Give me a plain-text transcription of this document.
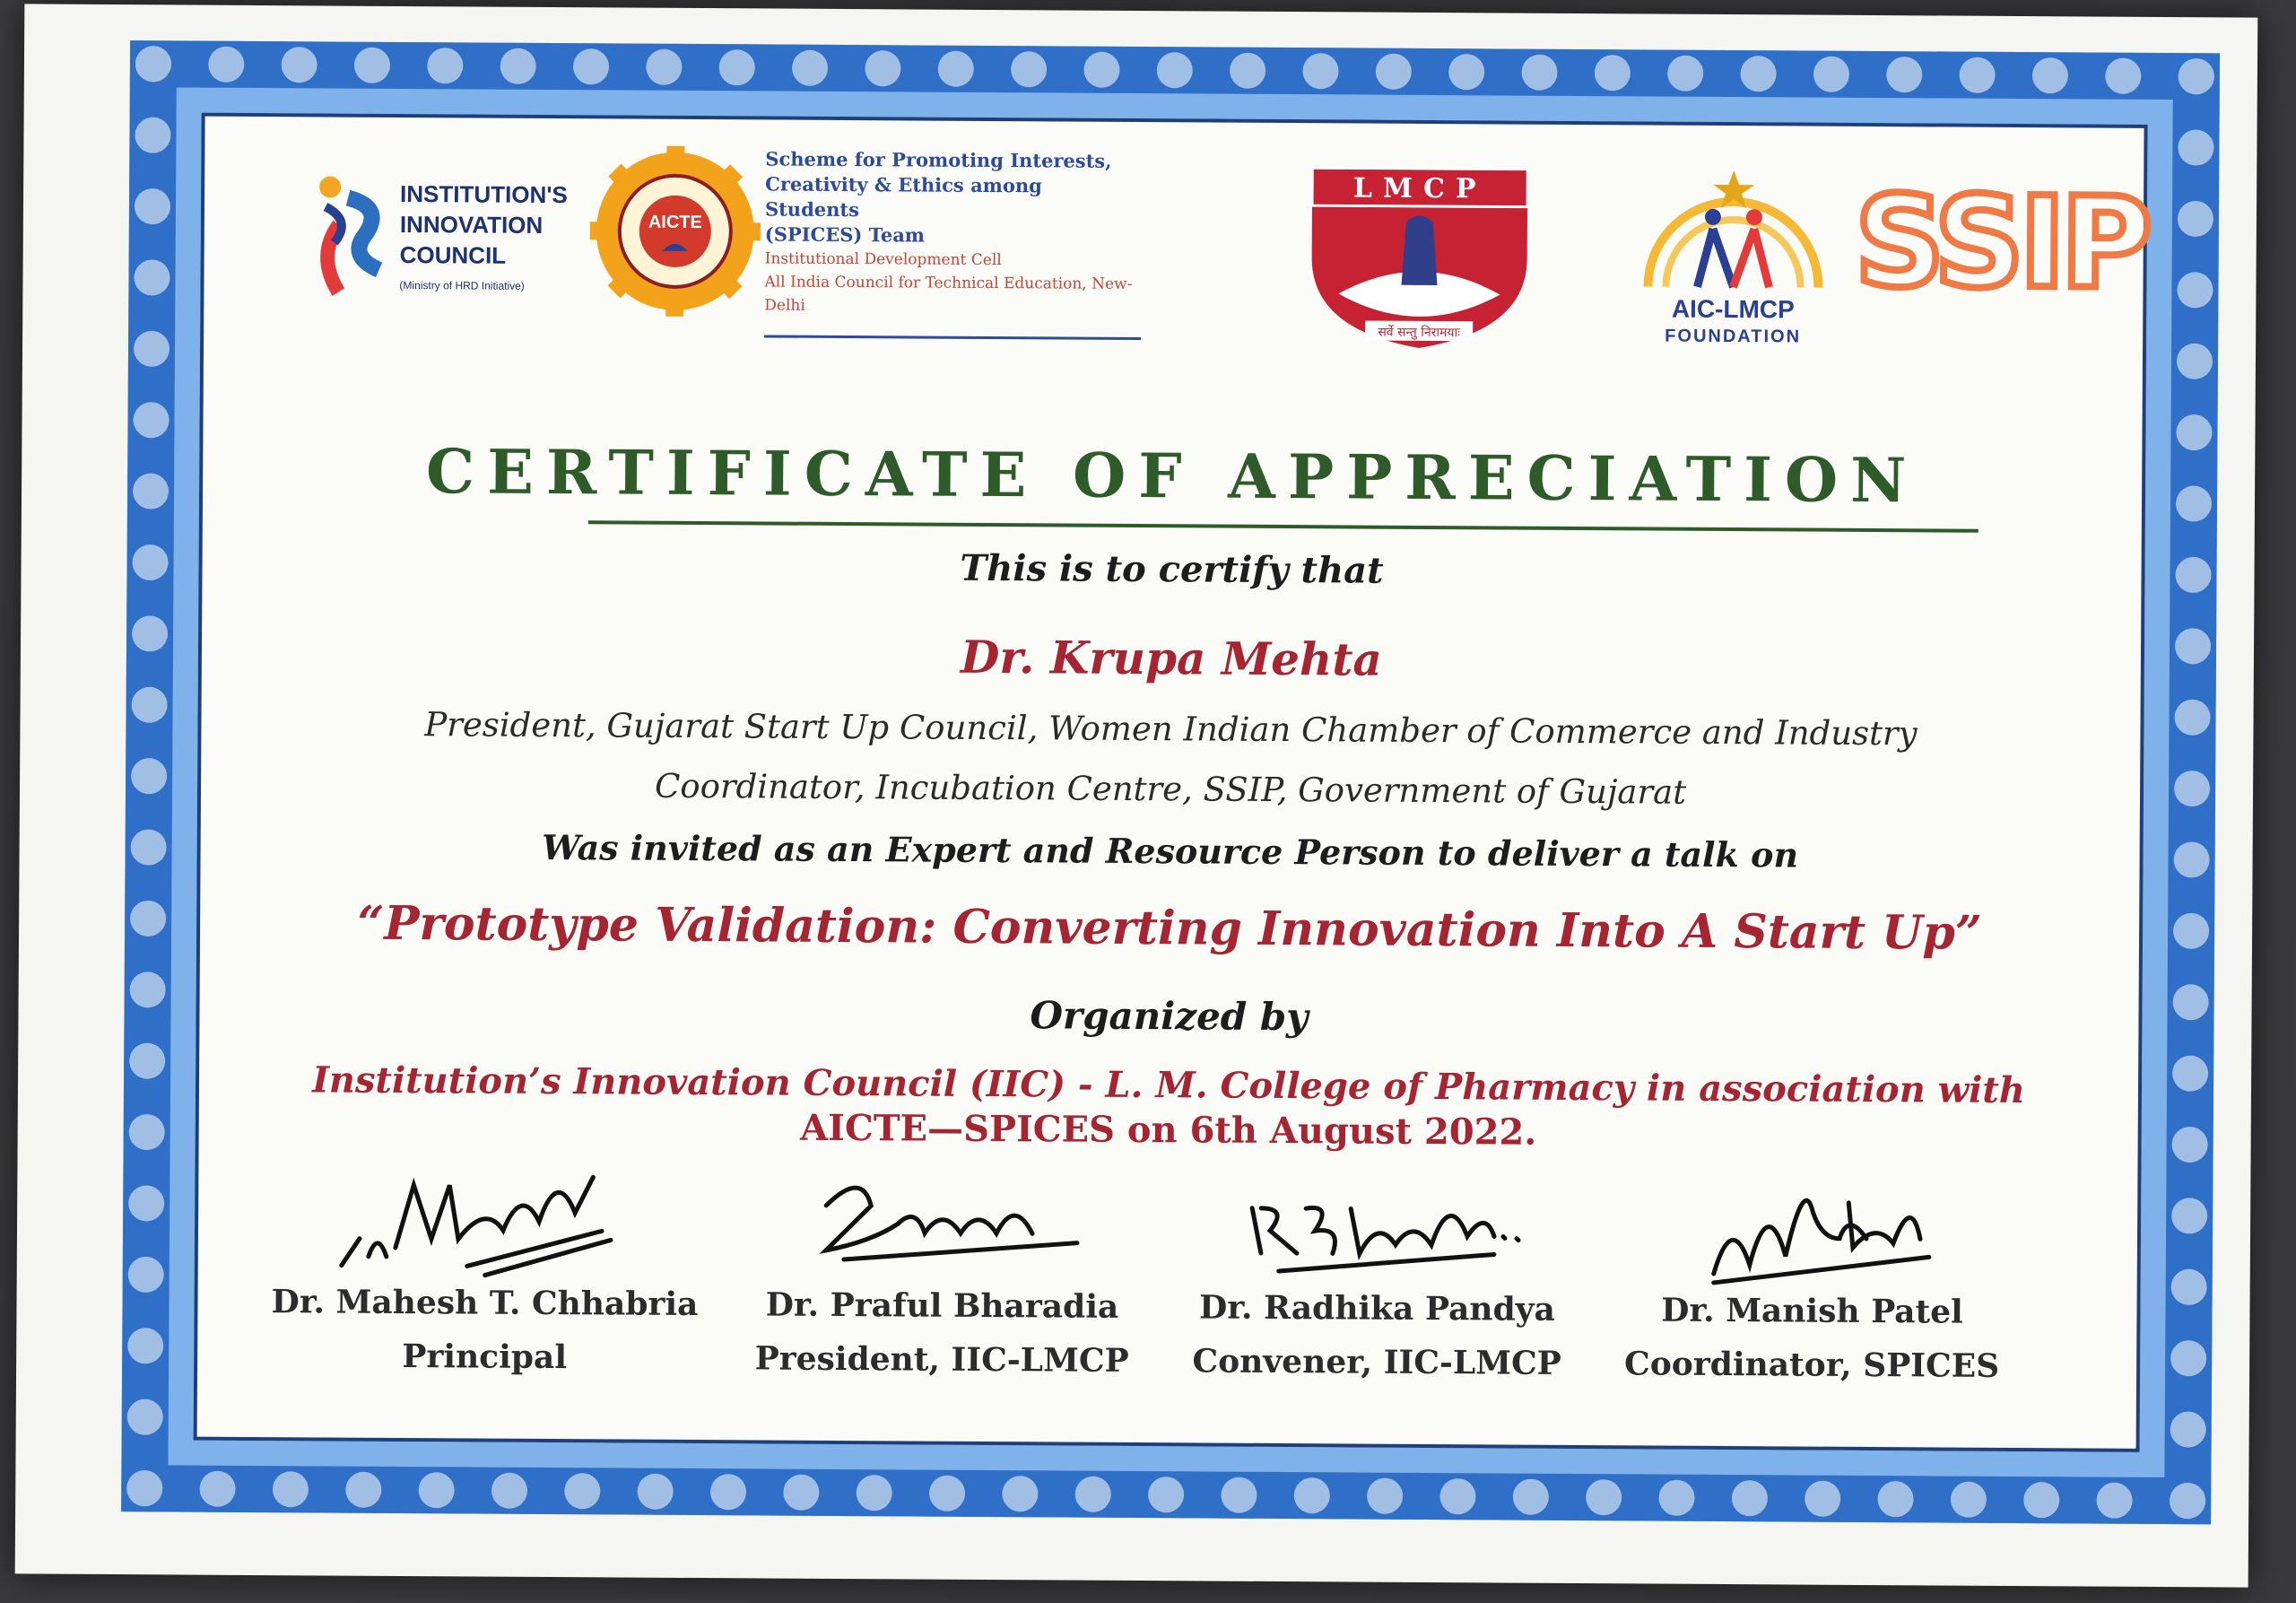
INSTITUTION'S
INNOVATION
COUNCIL
(Ministry of HRD Initiative)
AICTE
Scheme for Promoting Interests,
Creativity & Ethics among Students
(SPICES) Team
Institutional Development Cell
All India Council for Technical Education, New-Delhi
LMCP
सर्वे सन्तु निरामयाः
AIC-LMCP
FOUNDATION
SSIP
CERTIFICATE OF APPRECIATION
This is to certify that
Dr. Krupa Mehta
President, Gujarat Start Up Council, Women Indian Chamber of Commerce and Industry
Coordinator, Incubation Centre, SSIP, Government of Gujarat
Was invited as an Expert and Resource Person to deliver a talk on
“Prototype Validation: Converting Innovation Into A Start Up”
Organized by
Institution’s Innovation Council (IIC) - L. M. College of Pharmacy in association with
AICTE—SPICES on 6th August 2022.
Dr. Mahesh T. Chhabria
Principal
Dr. Praful Bharadia
President, IIC-LMCP
Dr. Radhika Pandya
Convener, IIC-LMCP
Dr. Manish Patel
Coordinator, SPICES
